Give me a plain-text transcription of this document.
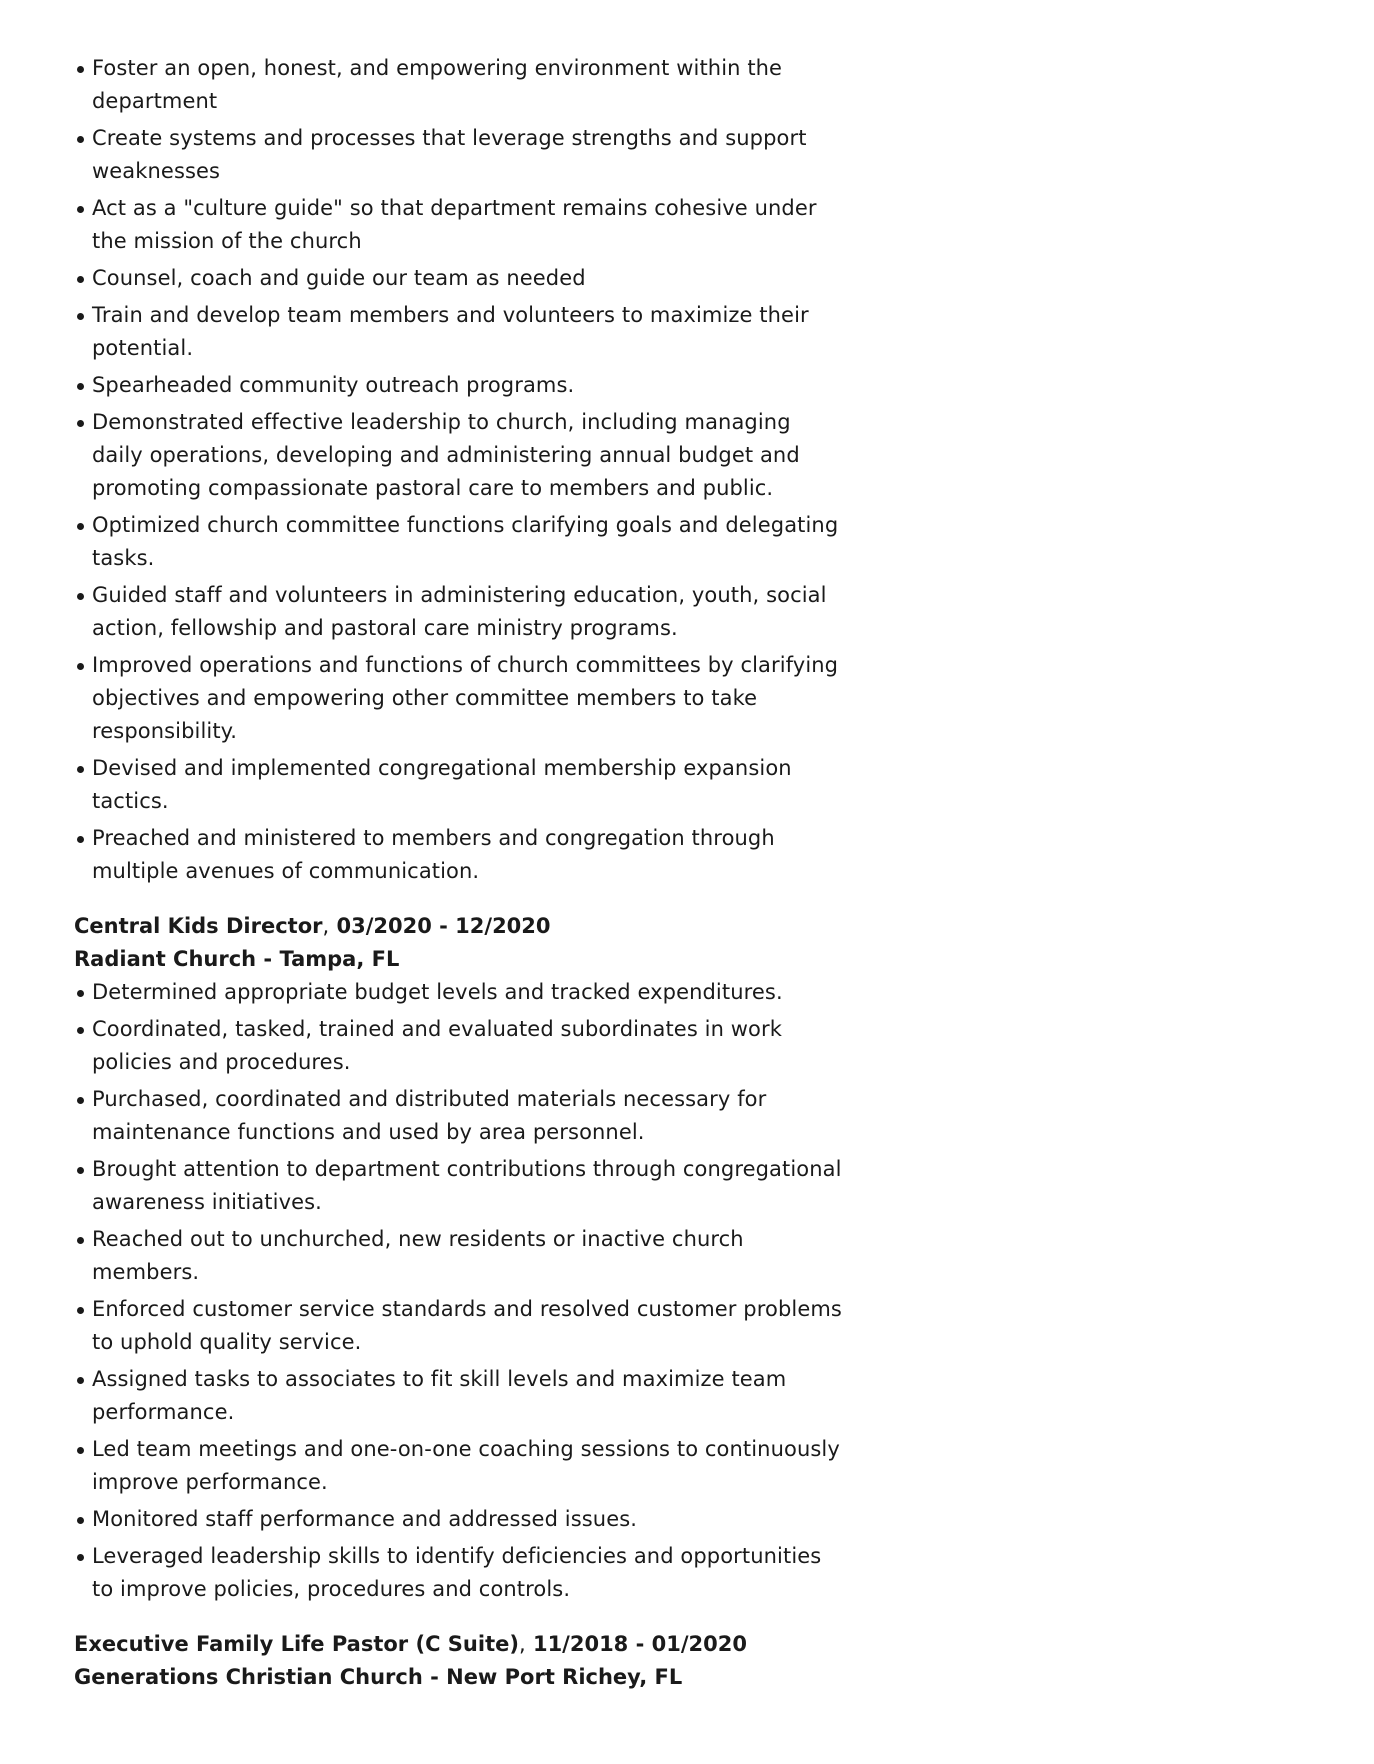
Foster an open, honest, and empowering environment within the department
Create systems and processes that leverage strengths and support weaknesses
Act as a "culture guide" so that department remains cohesive under the mission of the church
Counsel, coach and guide our team as needed
Train and develop team members and volunteers to maximize their potential.
Spearheaded community outreach programs.
Demonstrated effective leadership to church, including managing daily operations, developing and administering annual budget and promoting compassionate pastoral care to members and public.
Optimized church committee functions clarifying goals and delegating tasks.
Guided staff and volunteers in administering education, youth, social action, fellowship and pastoral care ministry programs.
Improved operations and functions of church committees by clarifying objectives and empowering other committee members to take responsibility.
Devised and implemented congregational membership expansion tactics.
Preached and ministered to members and congregation through multiple avenues of communication.
Central Kids Director, 03/2020 - 12/2020
Radiant Church - Tampa, FL
Determined appropriate budget levels and tracked expenditures.
Coordinated, tasked, trained and evaluated subordinates in work policies and procedures.
Purchased, coordinated and distributed materials necessary for maintenance functions and used by area personnel.
Brought attention to department contributions through congregational awareness initiatives.
Reached out to unchurched, new residents or inactive church members.
Enforced customer service standards and resolved customer problems to uphold quality service.
Assigned tasks to associates to fit skill levels and maximize team performance.
Led team meetings and one-on-one coaching sessions to continuously improve performance.
Monitored staff performance and addressed issues.
Leveraged leadership skills to identify deficiencies and opportunities to improve policies, procedures and controls.
Executive Family Life Pastor (C Suite), 11/2018 - 01/2020
Generations Christian Church - New Port Richey, FL
